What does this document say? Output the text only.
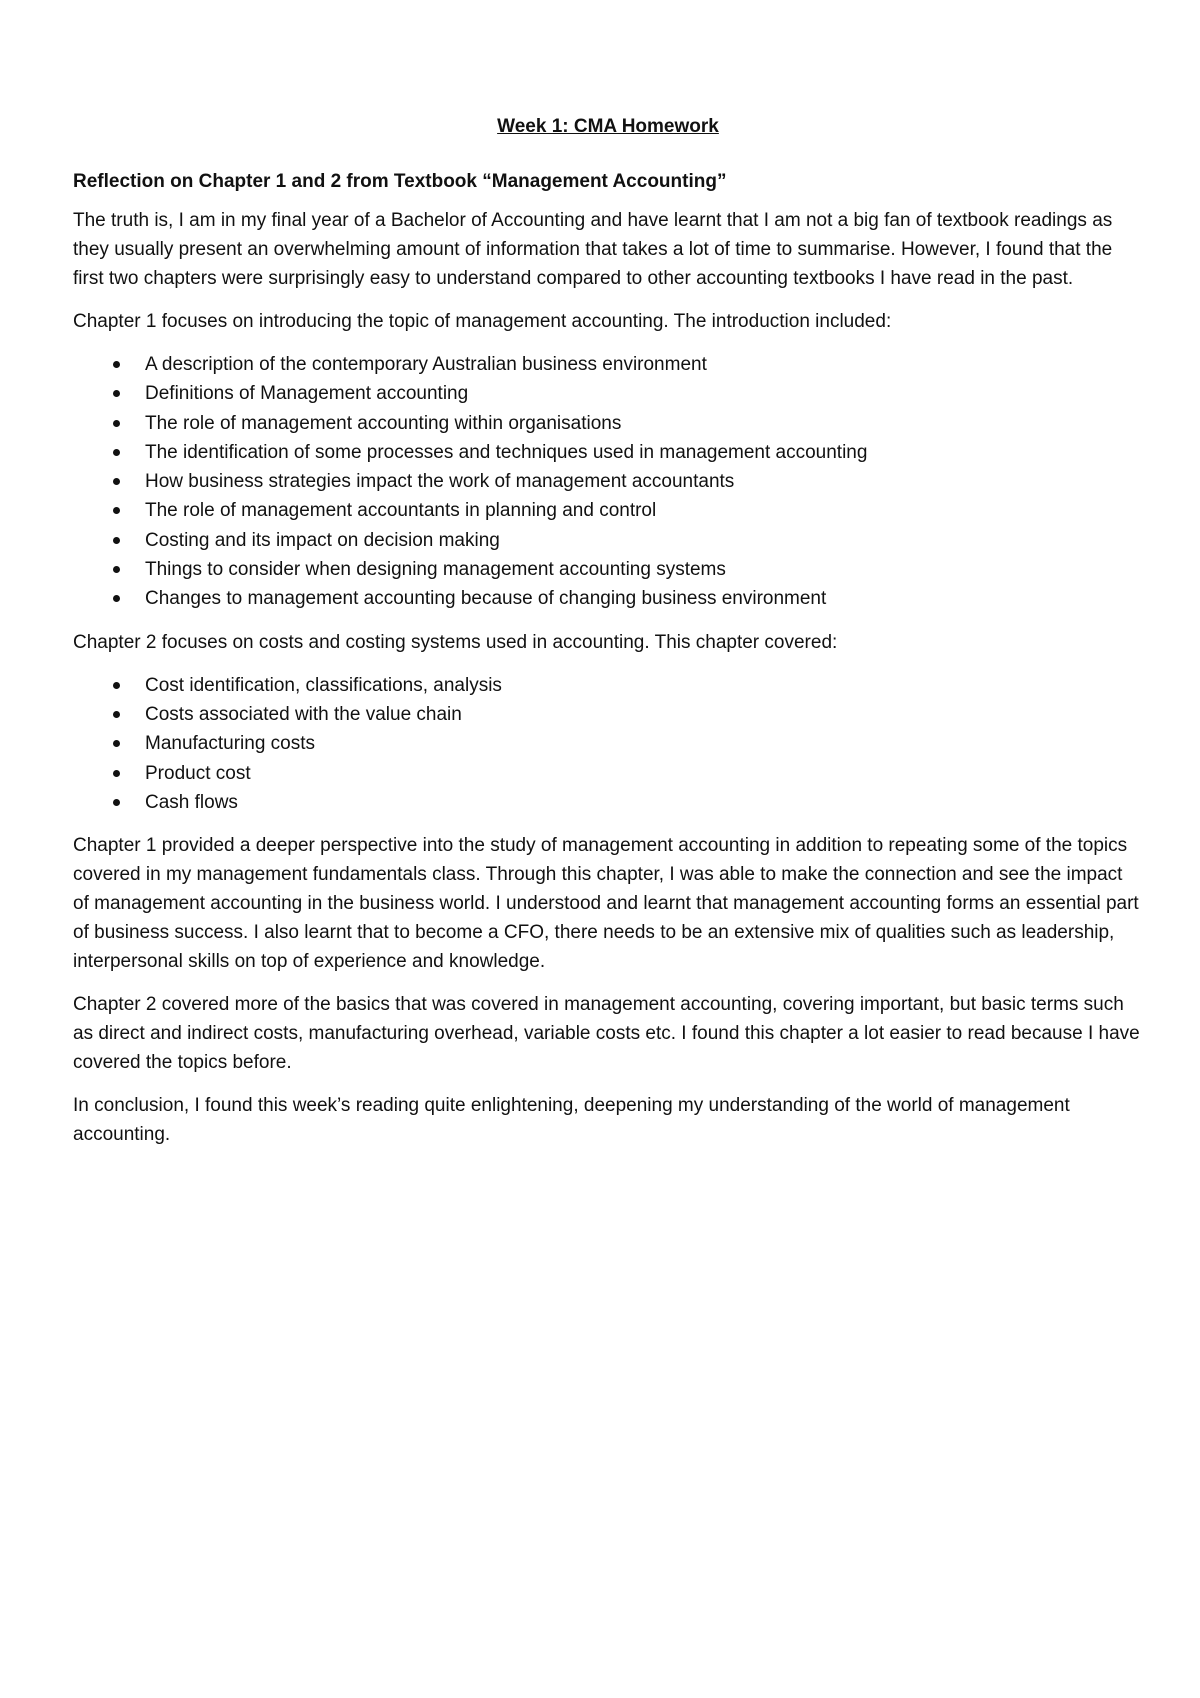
Week 1: CMA Homework
Reflection on Chapter 1 and 2 from Textbook “Management Accounting”

The truth is, I am in my final year of a Bachelor of Accounting and have learnt that I am not a big fan of textbook readings as they usually present an overwhelming amount of information that takes a lot of time to summarise. However, I found that the first two chapters were surprisingly easy to understand compared to other accounting textbooks I have read in the past.

Chapter 1 focuses on introducing the topic of management accounting. The introduction included:

A description of the contemporary Australian business environment
Definitions of Management accounting
The role of management accounting within organisations
The identification of some processes and techniques used in management accounting
How business strategies impact the work of management accountants
The role of management accountants in planning and control
Costing and its impact on decision making
Things to consider when designing management accounting systems
Changes to management accounting because of changing business environment

Chapter 2 focuses on costs and costing systems used in accounting. This chapter covered:

Cost identification, classifications, analysis
Costs associated with the value chain
Manufacturing costs
Product cost
Cash flows

Chapter 1 provided a deeper perspective into the study of management accounting in addition to repeating some of the topics covered in my management fundamentals class. Through this chapter, I was able to make the connection and see the impact of management accounting in the business world. I understood and learnt that management accounting forms an essential part of business success. I also learnt that to become a CFO, there needs to be an extensive mix of qualities such as leadership, interpersonal skills on top of experience and knowledge.

Chapter 2 covered more of the basics that was covered in management accounting, covering important, but basic terms such as direct and indirect costs, manufacturing overhead, variable costs etc. I found this chapter a lot easier to read because I have covered the topics before.

In conclusion, I found this week’s reading quite enlightening, deepening my understanding of the world of management accounting.
